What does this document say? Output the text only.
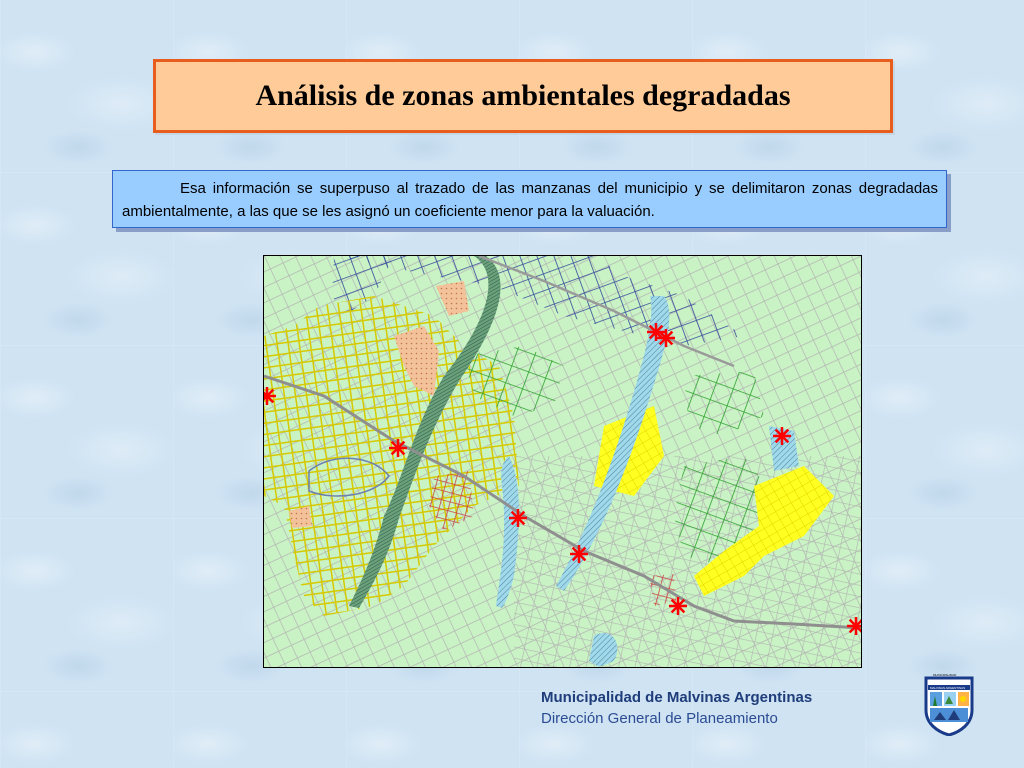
Análisis de zonas ambientales degradadas

Esa información se superpuso al trazado de las manzanas del municipio y se delimitaron zonas degradadas ambientalmente, a las que se les asignó un coeficiente menor para la valuación.

Municipalidad de Malvinas Argentinas
Dirección General de Planeamiento
MUNICIPALIDAD
MALVINAS ARGENTINAS
